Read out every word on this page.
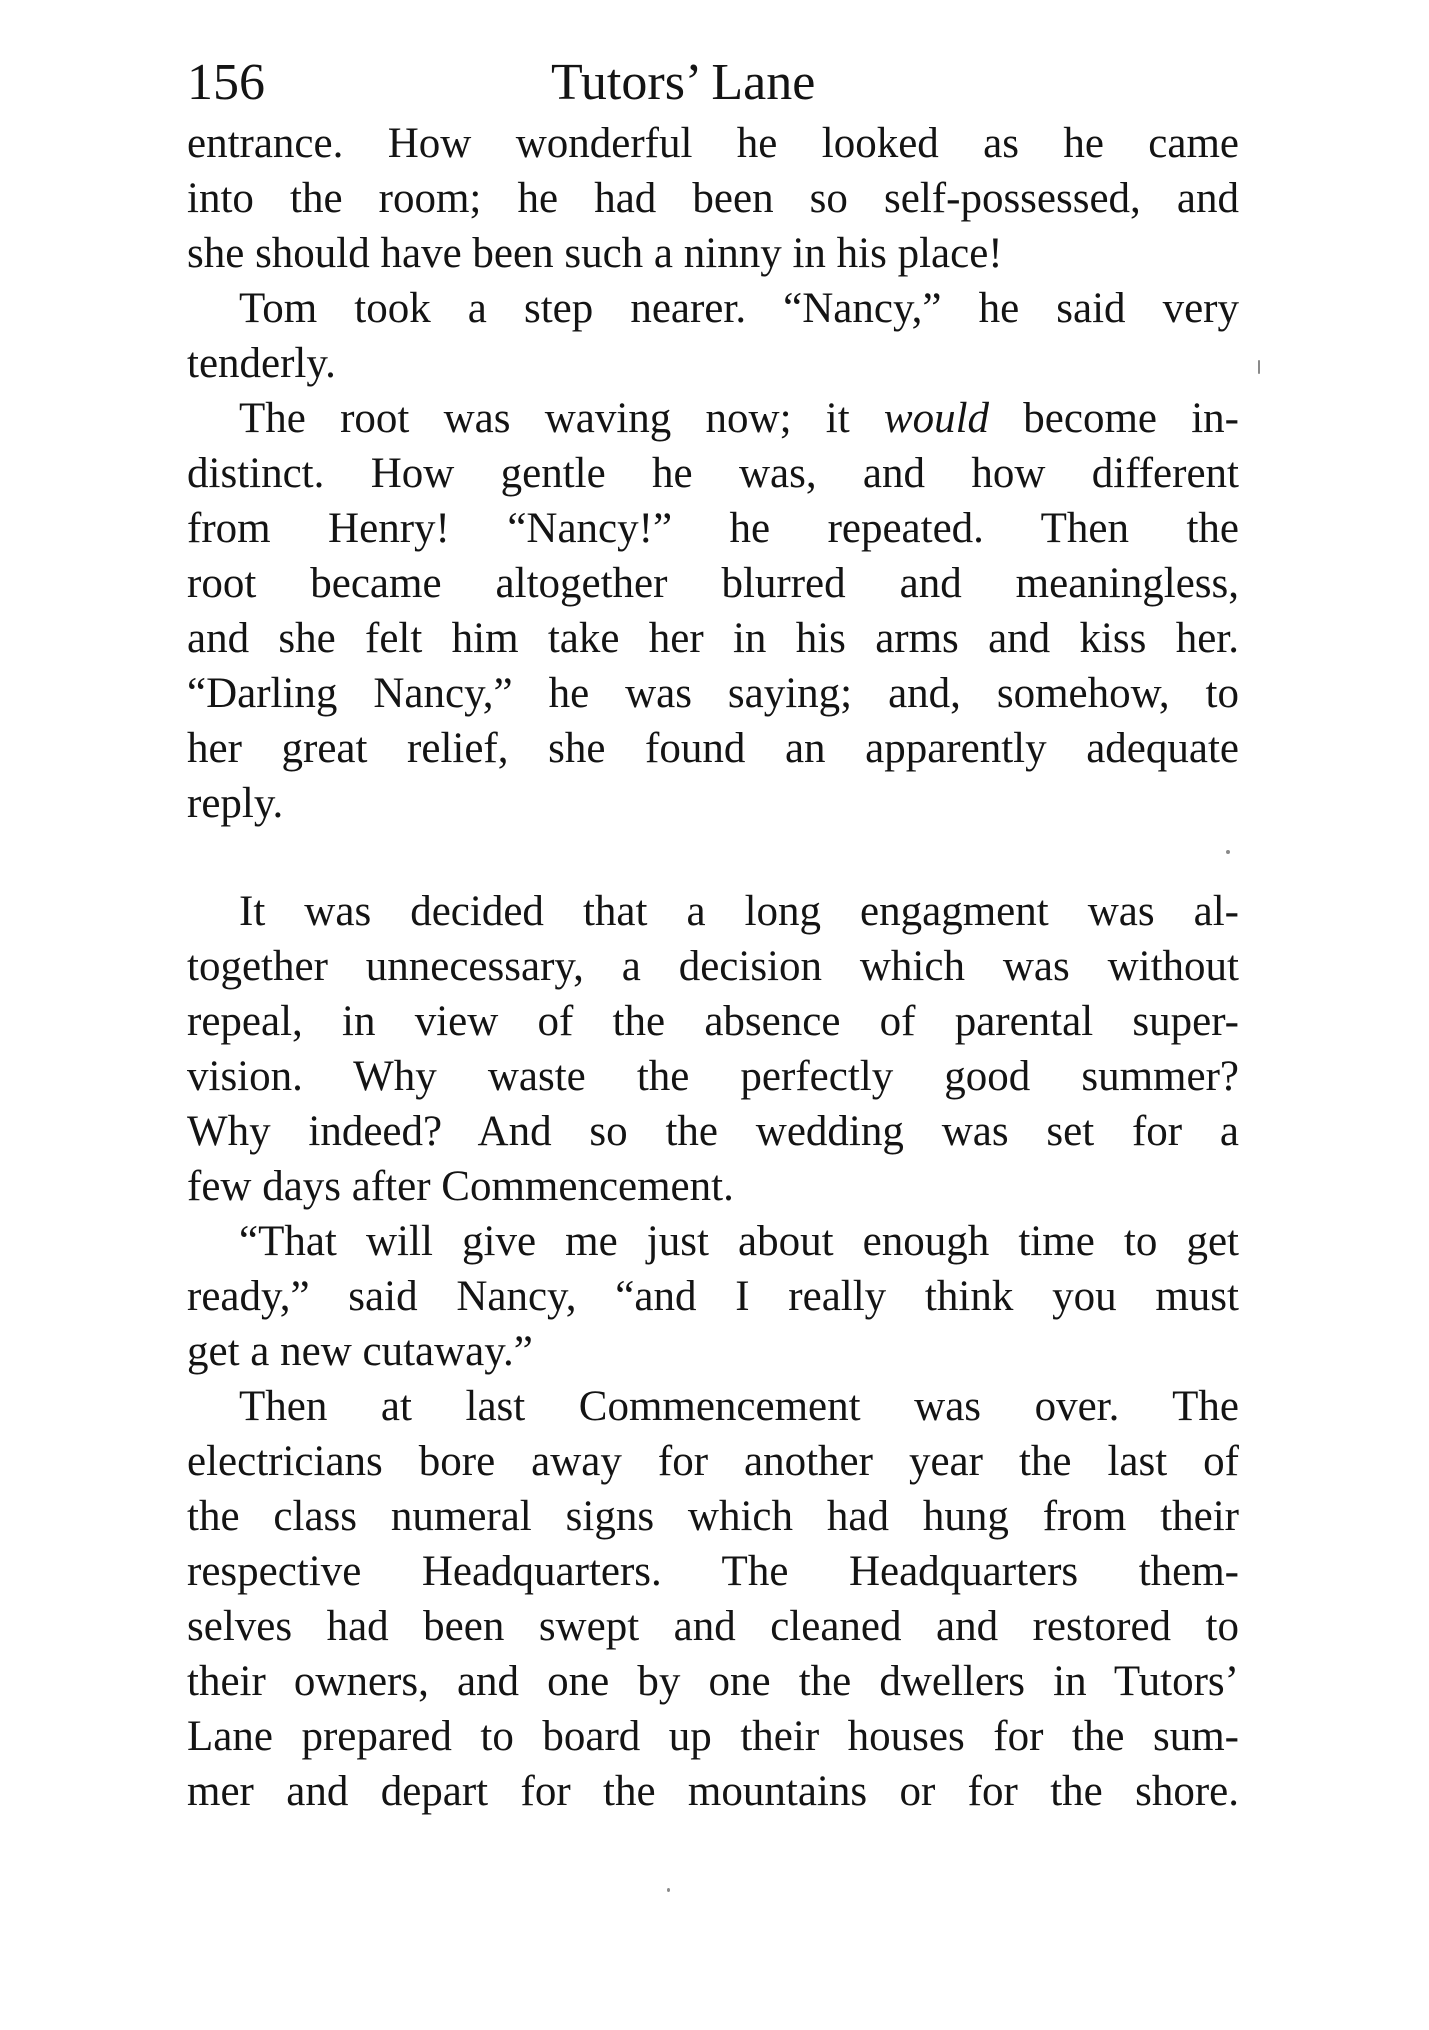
156	Tutors’ Lane

entrance. How wonderful he looked as he came
into the room; he had been so self-possessed, and
she should have been such a ninny in his place!

Tom took a step nearer. “Nancy,” he said very
tenderly.

The root was waving now; it would become in-
distinct. How gentle he was, and how different
from Henry! “Nancy!” he repeated. Then the
root became altogether blurred and meaningless,
and she felt him take her in his arms and kiss her.
“Darling Nancy,” he was saying; and, somehow, to
her great relief, she found an apparently adequate
reply.

It was decided that a long engagment was al-
together unnecessary, a decision which was without
repeal, in view of the absence of parental super-
vision. Why waste the perfectly good summer?
Why indeed? And so the wedding was set for a
few days after Commencement.

“That will give me just about enough time to get
ready,” said Nancy, “and I really think you must
get a new cutaway.”

Then at last Commencement was over. The
electricians bore away for another year the last of
the class numeral signs which had hung from their
respective Headquarters. The Headquarters them-
selves had been swept and cleaned and restored to
their owners, and one by one the dwellers in Tutors’
Lane prepared to board up their houses for the sum-
mer and depart for the mountains or for the shore.
